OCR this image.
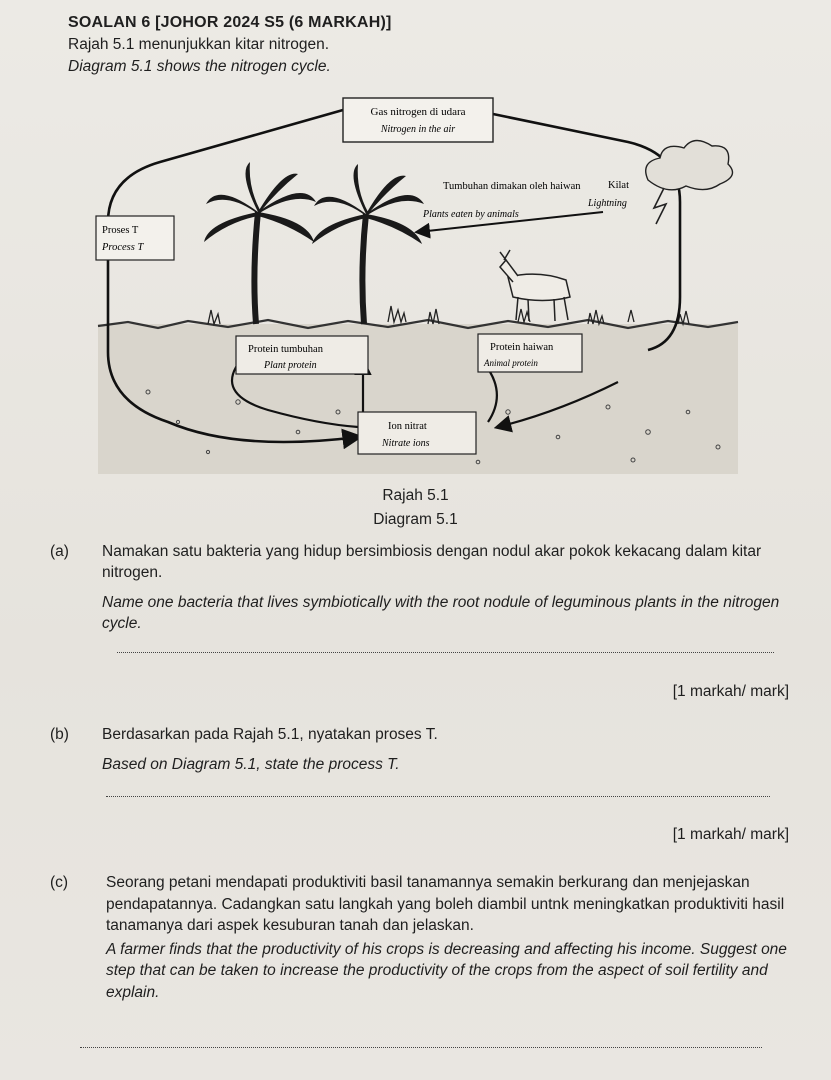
SOALAN 6 [JOHOR 2024 S5 (6 MARKAH)]
Rajah 5.1 menunjukkan kitar nitrogen.
Diagram 5.1 shows the nitrogen cycle.
Gas nitrogen di udara
Nitrogen in the air
Proses T
Process T
Tumbuhan dimakan oleh haiwan
Plants eaten by animals
Kilat
Lightning
Protein tumbuhan
Plant protein
Protein haiwan
Animal protein
Ion nitrat
Nitrate ions
Rajah 5.1
Diagram 5.1
(a) Namakan satu bakteria yang hidup bersimbiosis dengan nodul akar pokok kekacang dalam kitar nitrogen.
Name one bacteria that lives symbiotically with the root nodule of leguminous plants in the nitrogen cycle.
[1 markah/ mark]
(b) Berdasarkan pada Rajah 5.1, nyatakan proses T.
Based on Diagram 5.1, state the process T.
[1 markah/ mark]
(c) Seorang petani mendapati produktiviti basil tanamannya semakin berkurang dan menjejaskan pendapatannya. Cadangkan satu langkah yang boleh diambil untnk meningkatkan produktiviti hasil tanamanya dari aspek kesuburan tanah dan jelaskan.
A farmer finds that the productivity of his crops is decreasing and affecting his income. Suggest one step that can be taken to increase the productivity of the crops from the aspect of soil fertility and explain.
